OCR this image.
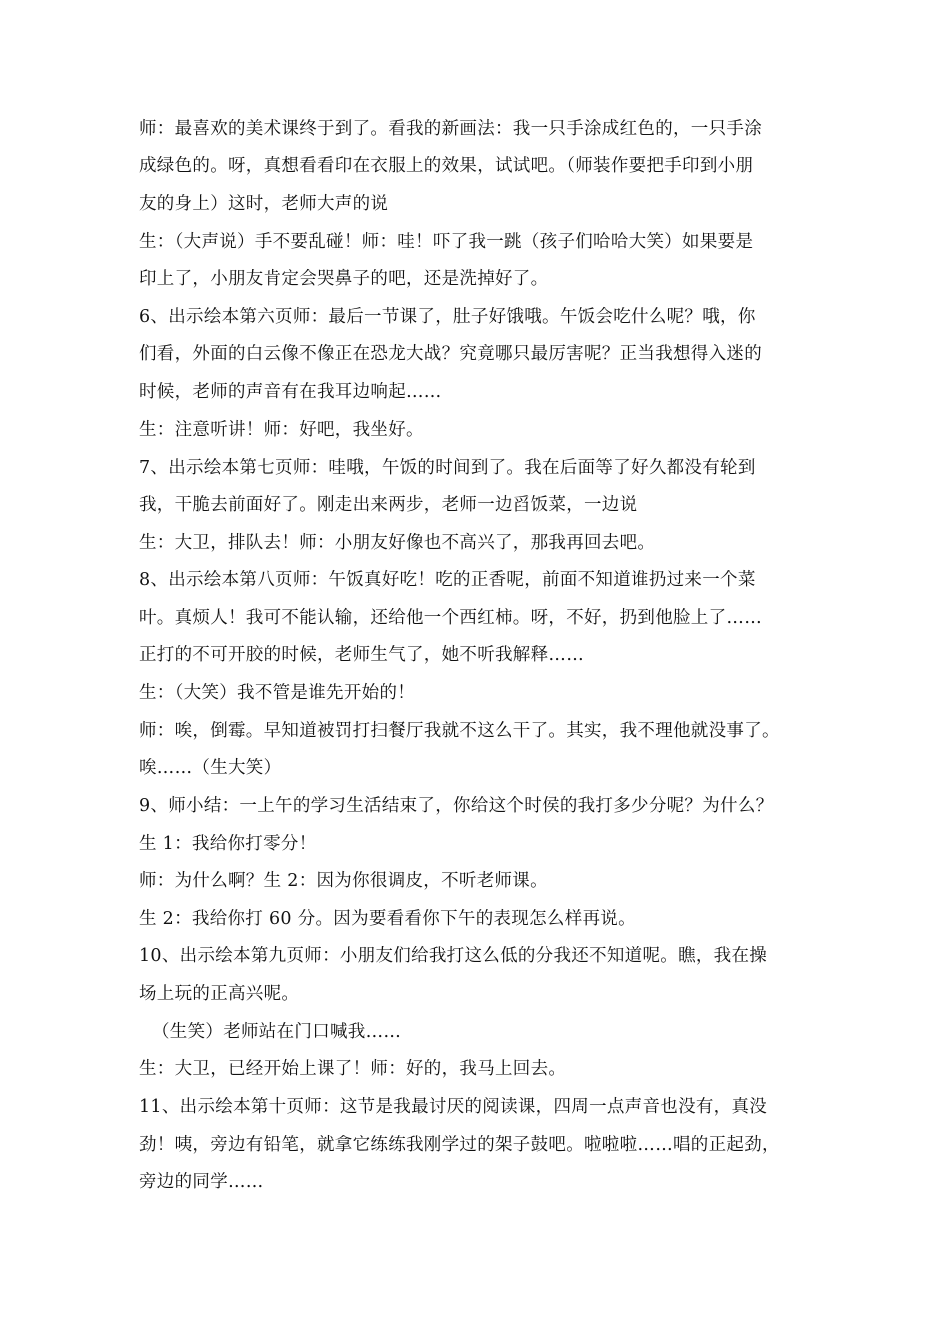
师：最喜欢的美术课终于到了。看我的新画法：我一只手涂成红色的，一只手涂
成绿色的。呀，真想看看印在衣服上的效果，试试吧。（师装作要把手印到小朋
友的身上）这时，老师大声的说
生：（大声说）手不要乱碰！师：哇！吓了我一跳（孩子们哈哈大笑）如果要是
印上了，小朋友肯定会哭鼻子的吧，还是洗掉好了。
6、出示绘本第六页师：最后一节课了，肚子好饿哦。午饭会吃什么呢？哦，你
们看，外面的白云像不像正在恐龙大战？究竟哪只最厉害呢？正当我想得入迷的
时候，老师的声音有在我耳边响起……
生：注意听讲！师：好吧，我坐好。
7、出示绘本第七页师：哇哦，午饭的时间到了。我在后面等了好久都没有轮到
我，干脆去前面好了。刚走出来两步，老师一边舀饭菜，一边说
生：大卫，排队去！师：小朋友好像也不高兴了，那我再回去吧。
8、出示绘本第八页师：午饭真好吃！吃的正香呢，前面不知道谁扔过来一个菜
叶。真烦人！我可不能认输，还给他一个西红柿。呀，不好，扔到他脸上了……
正打的不可开胶的时候，老师生气了，她不听我解释……
生：（大笑）我不管是谁先开始的！
师：唉，倒霉。早知道被罚打扫餐厅我就不这么干了。其实，我不理他就没事了。
唉……（生大笑）
9、师小结：一上午的学习生活结束了，你给这个时侯的我打多少分呢？为什么？
生 1：我给你打零分！
师：为什么啊？生 2：因为你很调皮，不听老师课。
生 2：我给你打 60 分。因为要看看你下午的表现怎么样再说。
10、出示绘本第九页师：小朋友们给我打这么低的分我还不知道呢。瞧，我在操
场上玩的正高兴呢。
（生笑）老师站在门口喊我……
生：大卫，已经开始上课了！师：好的，我马上回去。
11、出示绘本第十页师：这节是我最讨厌的阅读课，四周一点声音也没有，真没
劲！咦，旁边有铅笔，就拿它练练我刚学过的架子鼓吧。啦啦啦……唱的正起劲，
旁边的同学……
